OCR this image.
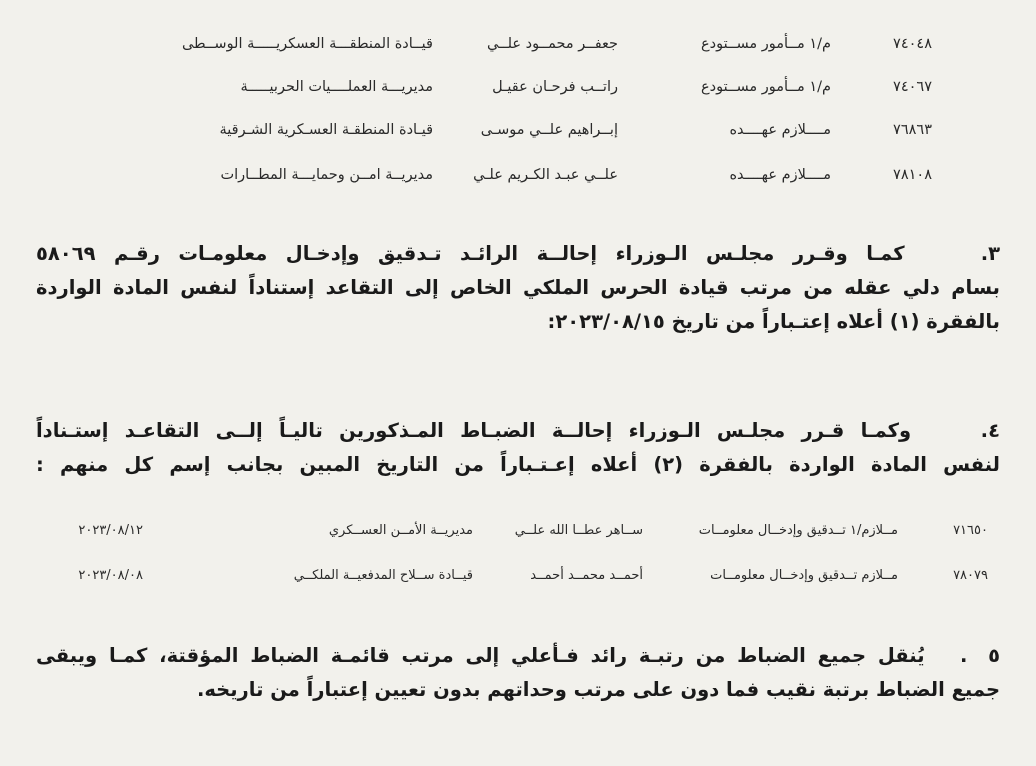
٧٤٠٤٨
م/١ مــأمور مســتودع
جعفــر محمــود علــي
قيــادة المنطقـــة العسكريـــــة الوســطى
٧٤٠٦٧
م/١ مــأمور مســتودع
راتــب فرحـان عقيـل
مديريـــة العملــــيات الحربيـــــة
٧٦٨٦٣
مــــلازم عهــــده
إبــراهيم علــي موسـى
قيـادة المنطقـة العسـكرية الشـرقية
٧٨١٠٨
مــــلازم عهــــده
علــي عبـد الكـريم علـي
مديريــة امــن وحمايـــة المطــارات
٣.   كمـا وقـرر مجلـس الـوزراء إحالــة الرائـد تـدقيق وإدخـال معلومـات رقـم ٥٨٠٦٩
بسام دلي عقله من مرتب قيادة الحرس الملكي الخاص إلى التقاعد إستناداً لنفس المادة الواردة
بالفقرة (١) أعلاه إعتـباراً من تاريخ ٢٠٢٣/٠٨/١٥:
٤.   وكمـا قـرر مجلـس الـوزراء إحالــة الضبـاط المـذكورين تاليـاً إلــى التقاعـد إستـناداً
لنفس المادة الواردة بالفقرة (٢) أعلاه إعـتـباراً من التاريخ المبين بجانب إسم كل منهم :
٧١٦٥٠
مــلازم/١ تــدقيق وإدخــال معلومــات
ســاهر عطــا الله علــي
مديريــة الأمــن العســكري
٢٠٢٣/٠٨/١٢
٧٨٠٧٩
مــلازم تــدقيق وإدخــال معلومــات
أحمــد محمــد أحمــد
قيــادة ســلاح المدفعيــة الملكــي
٢٠٢٣/٠٨/٠٨
٥ .   يُنقل جميع الضباط من رتبـة رائد فـأعلي إلى مرتب قائمـة الضباط المؤقتة، كمـا ويبقى
جميع الضباط برتبة نقيب فما دون على مرتب وحداتهم بدون تعيين إعتباراً من تاريخه.
